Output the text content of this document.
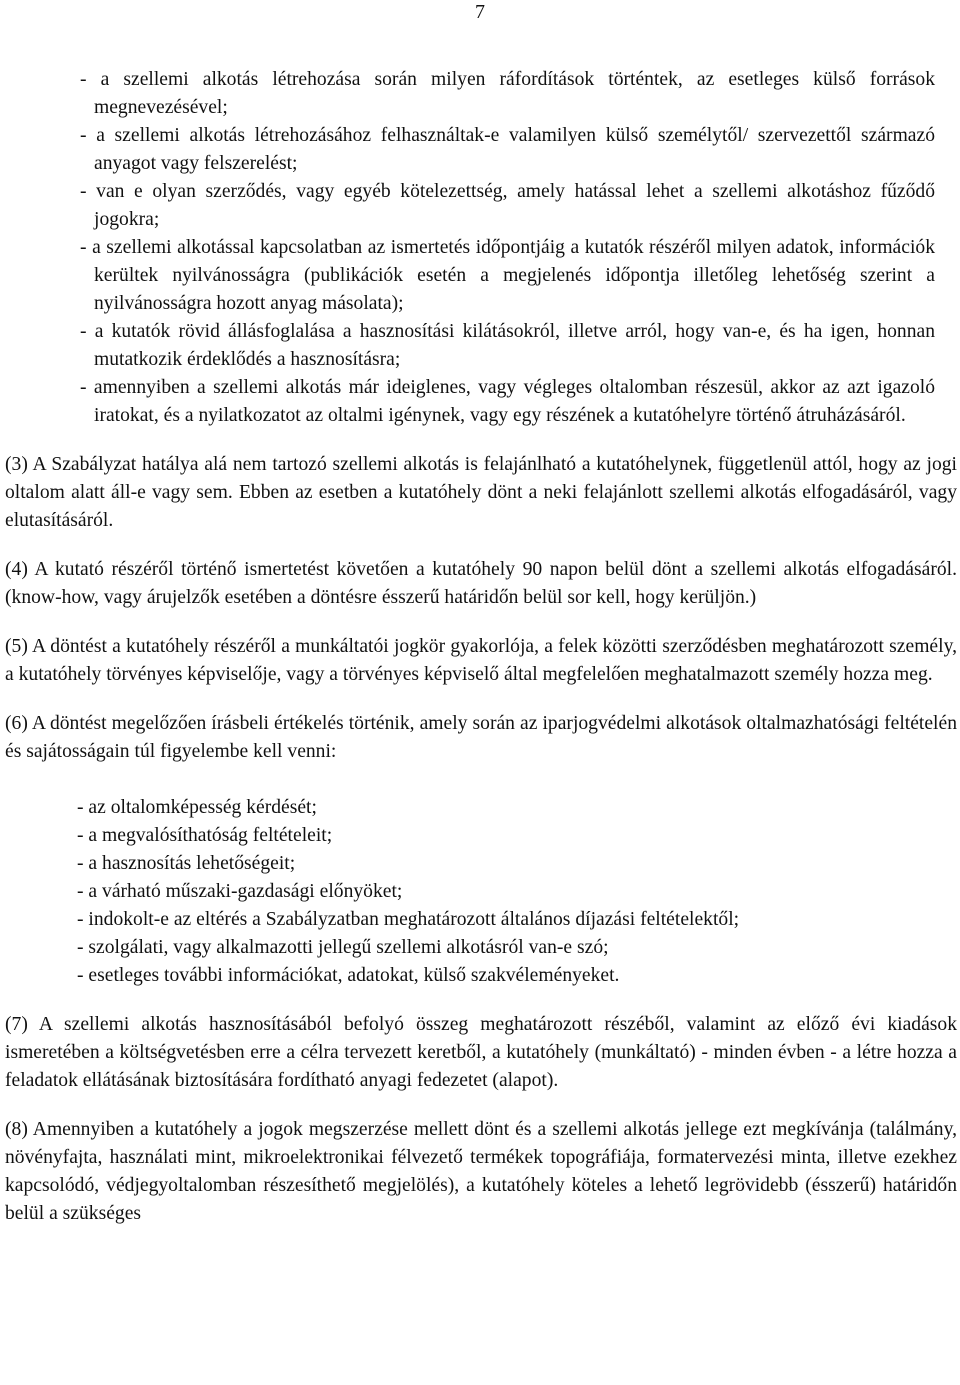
7
- a szellemi alkotás létrehozása során milyen ráfordítások történtek, az esetleges külső források megnevezésével;
- a szellemi alkotás létrehozásához felhasználtak-e valamilyen külső személytől/ szervezettől származó anyagot vagy felszerelést;
- van e olyan szerződés, vagy egyéb kötelezettség, amely hatással lehet a szellemi alkotáshoz fűződő jogokra;
- a szellemi alkotással kapcsolatban az ismertetés időpontjáig a kutatók részéről milyen adatok, információk kerültek nyilvánosságra (publikációk esetén a megjelenés időpontja illetőleg lehetőség szerint a nyilvánosságra hozott anyag másolata);
- a kutatók rövid állásfoglalása a hasznosítási kilátásokról, illetve arról, hogy van-e, és ha igen, honnan mutatkozik érdeklődés a hasznosításra;
- amennyiben a szellemi alkotás már ideiglenes, vagy végleges oltalomban részesül, akkor az azt igazoló iratokat, és a nyilatkozatot az oltalmi igénynek, vagy egy részének a kutatóhelyre történő átruházásáról.

(3) A Szabályzat hatálya alá nem tartozó szellemi alkotás is felajánlható a kutatóhelynek, függetlenül attól, hogy az jogi oltalom alatt áll-e vagy sem. Ebben az esetben a kutatóhely dönt a neki felajánlott szellemi alkotás elfogadásáról, vagy elutasításáról.

(4) A kutató részéről történő ismertetést követően a kutatóhely 90 napon belül dönt a szellemi alkotás elfogadásáról. (know-how, vagy árujelzők esetében a döntésre ésszerű határidőn belül sor kell, hogy kerüljön.)

(5) A döntést a kutatóhely részéről a munkáltatói jogkör gyakorlója, a felek közötti szerződésben meghatározott személy, a kutatóhely törvényes képviselője, vagy a törvényes képviselő által megfelelően meghatalmazott személy hozza meg.

(6) A döntést megelőzően írásbeli értékelés történik, amely során az iparjogvédelmi alkotások oltalmazhatósági feltételén és sajátosságain túl figyelembe kell venni:

- az oltalomképesség kérdését;
- a megvalósíthatóság feltételeit;
- a hasznosítás lehetőségeit;
- a várható műszaki-gazdasági előnyöket;
- indokolt-e az eltérés a Szabályzatban meghatározott általános díjazási feltételektől;
- szolgálati, vagy alkalmazotti jellegű szellemi alkotásról van-e szó;
- esetleges további információkat, adatokat, külső szakvéleményeket.

(7) A szellemi alkotás hasznosításából befolyó összeg meghatározott részéből, valamint az előző évi kiadások ismeretében a költségvetésben erre a célra tervezett keretből, a kutatóhely (munkáltató) - minden évben - a létre hozza a feladatok ellátásának biztosítására fordítható anyagi fedezetet (alapot).

(8) Amennyiben a kutatóhely a jogok megszerzése mellett dönt és a szellemi alkotás jellege ezt megkívánja (találmány, növényfajta, használati mint, mikroelektronikai félvezető termékek topográfiája, formatervezési minta, illetve ezekhez kapcsolódó, védjegyoltalomban részesíthető megjelölés), a kutatóhely köteles a lehető legrövidebb (ésszerű) határidőn belül a szükséges
